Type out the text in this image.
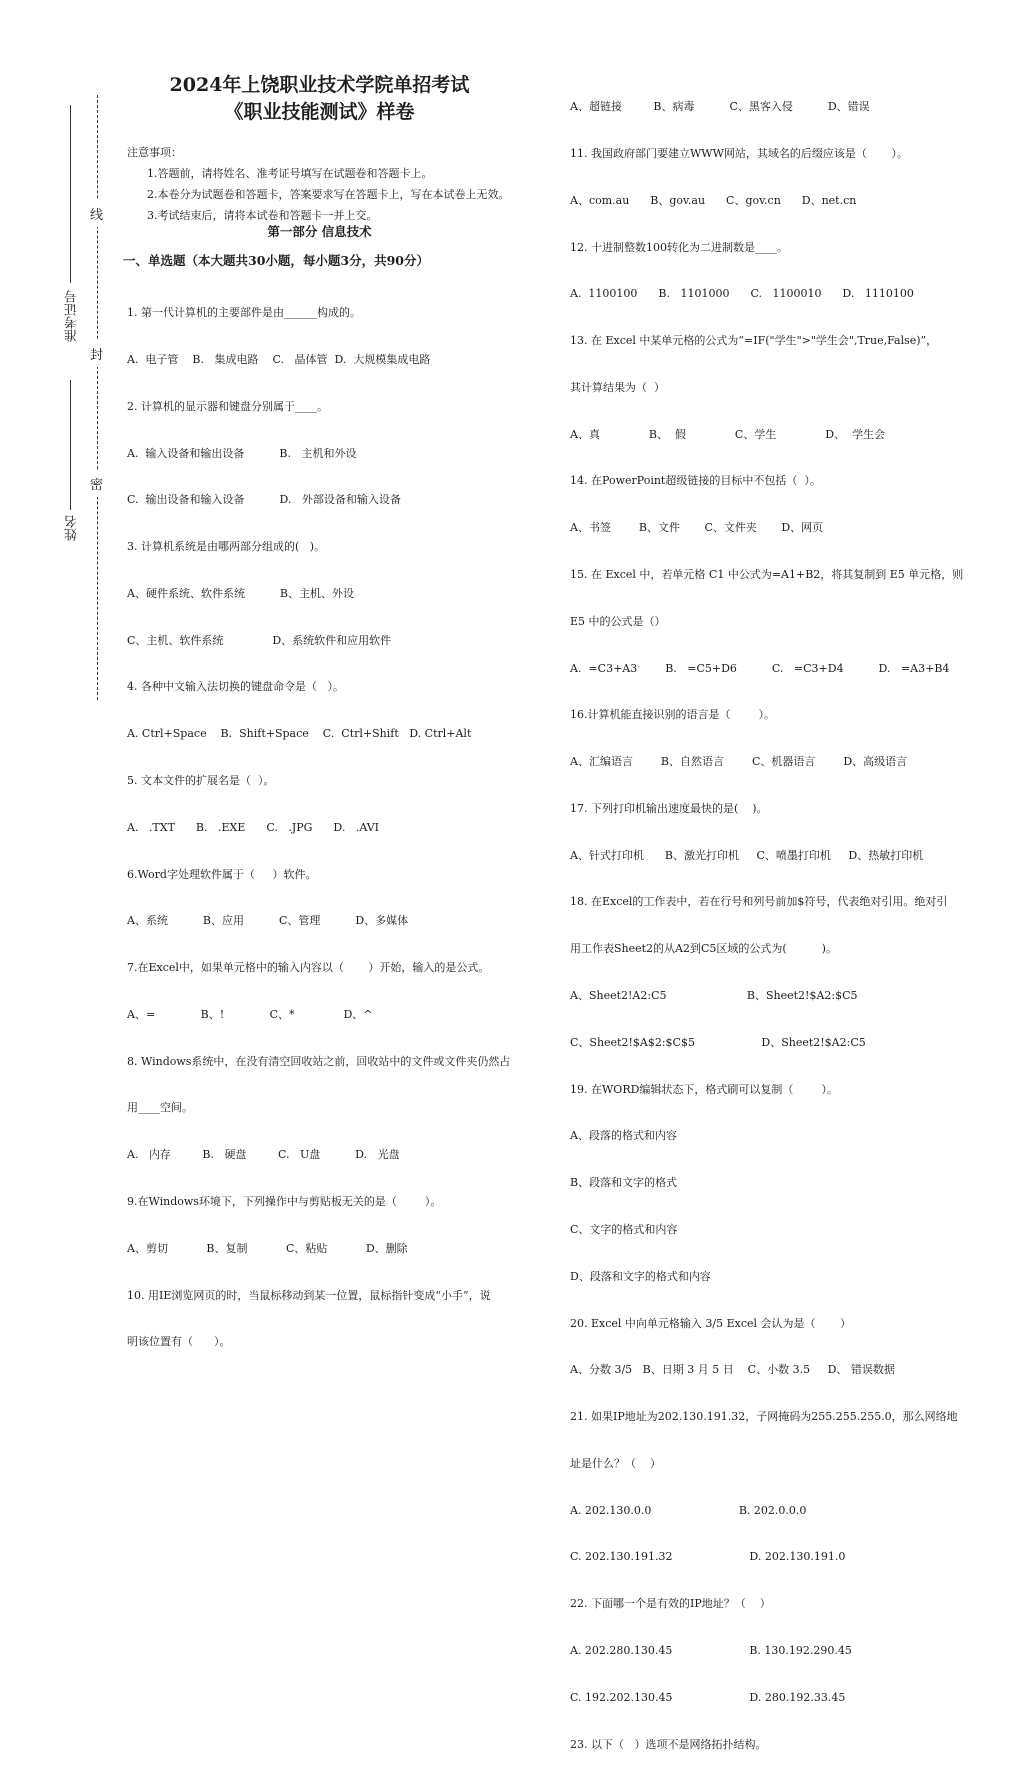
准考证号
姓名
线
封
密
2024年上饶职业技术学院单招考试
《职业技能测试》样卷
注意事项：
1.答题前，请将姓名、准考证号填写在试题卷和答题卡上。
2.本卷分为试题卷和答题卡，答案要求写在答题卡上，写在本试卷上无效。
3.考试结束后，请将本试卷和答题卡一并上交。
第一部分 信息技术
一、单选题（本大题共30小题，每小题3分，共90分）

1. 第一代计算机的主要部件是由______构成的。

A.  电子管    B.   集成电路    C.   晶体管  D.  大规模集成电路

2. 计算机的显示器和键盘分别属于____。

A.  输入设备和输出设备          B.   主机和外设

C.  输出设备和输入设备          D.   外部设备和输入设备

3. 计算机系统是由哪两部分组成的(   )。

A、硬件系统、软件系统          B、主机、外设

C、主机、软件系统              D、系统软件和应用软件

4. 各种中文输入法切换的键盘命令是（   ）。

A. Ctrl+Space    B.  Shift+Space    C.  Ctrl+Shift   D. Ctrl+Alt

5. 文本文件的扩展名是（  ）。

A.   .TXT      B.   .EXE      C.   .JPG      D.   .AVI

6.Word字处理软件属于（     ）软件。

A、系统          B、应用          C、管理          D、多媒体

7.在Excel中，如果单元格中的输入内容以（       ）开始，输入的是公式。

A、=             B、!             C、*              D、^

8. Windows系统中，在没有清空回收站之前，回收站中的文件或文件夹仍然占

用____空间。

A.   内存         B.   硬盘         C.   U盘          D.   光盘

9.在Windows环境下，下列操作中与剪贴板无关的是（        ）。

A、剪切           B、复制           C、粘贴           D、删除

10. 用IE浏览网页的时，当鼠标移动到某一位置，鼠标指针变成“小手”，说

明该位置有（      ）。

A、超链接         B、病毒          C、黑客入侵          D、错误

11. 我国政府部门要建立WWW网站，其域名的后缀应该是（       ）。

A、com.au      B、gov.au      C、gov.cn      D、net.cn

12. 十进制整数100转化为二进制数是____。

A.  1100100      B.   1101000      C.   1100010      D.   1110100

13. 在 Excel 中某单元格的公式为“=IF("学生">"学生会",True,False)”，

其计算结果为（  ）

A、真              B、  假              C、学生              D、  学生会

14. 在PowerPoint超级链接的目标中不包括（  ）。

A、书签        B、文件       C、文件夹       D、网页

15. 在 Excel 中，若单元格 C1 中公式为=A1+B2，将其复制到 E5 单元格，则

E5 中的公式是（）

A.  =C3+A3        B.   =C5+D6          C.   =C3+D4          D.   =A3+B4

16.计算机能直接识别的语言是（        ）。

A、汇编语言        B、自然语言        C、机器语言        D、高级语言

17. 下列打印机输出速度最快的是(    )。

A、针式打印机      B、激光打印机     C、喷墨打印机     D、热敏打印机

18. 在Excel的工作表中，若在行号和列号前加$符号，代表绝对引用。绝对引

用工作表Sheet2的从A2到C5区域的公式为(          )。

A、Sheet2!A2:C5                       B、Sheet2!$A2:$C5

C、Sheet2!$A$2:$C$5                   D、Sheet2!$A2:C5

19. 在WORD编辑状态下，格式刷可以复制（        ）。

A、段落的格式和内容

B、段落和文字的格式

C、文字的格式和内容

D、段落和文字的格式和内容

20. Excel 中向单元格输入 3/5 Excel 会认为是（       ）

A、分数 3/5   B、日期 3 月 5 日    C、小数 3.5     D、 错误数据

21. 如果IP地址为202.130.191.32，子网掩码为255.255.255.0，那么网络地

址是什么？（    ）

A. 202.130.0.0                         B. 202.0.0.0

C. 202.130.191.32                      D. 202.130.191.0

22. 下面哪一个是有效的IP地址？（    ）

A. 202.280.130.45                      B. 130.192.290.45

C. 192.202.130.45                      D. 280.192.33.45

23. 以下（   ）选项不是网络拓扑结构。
